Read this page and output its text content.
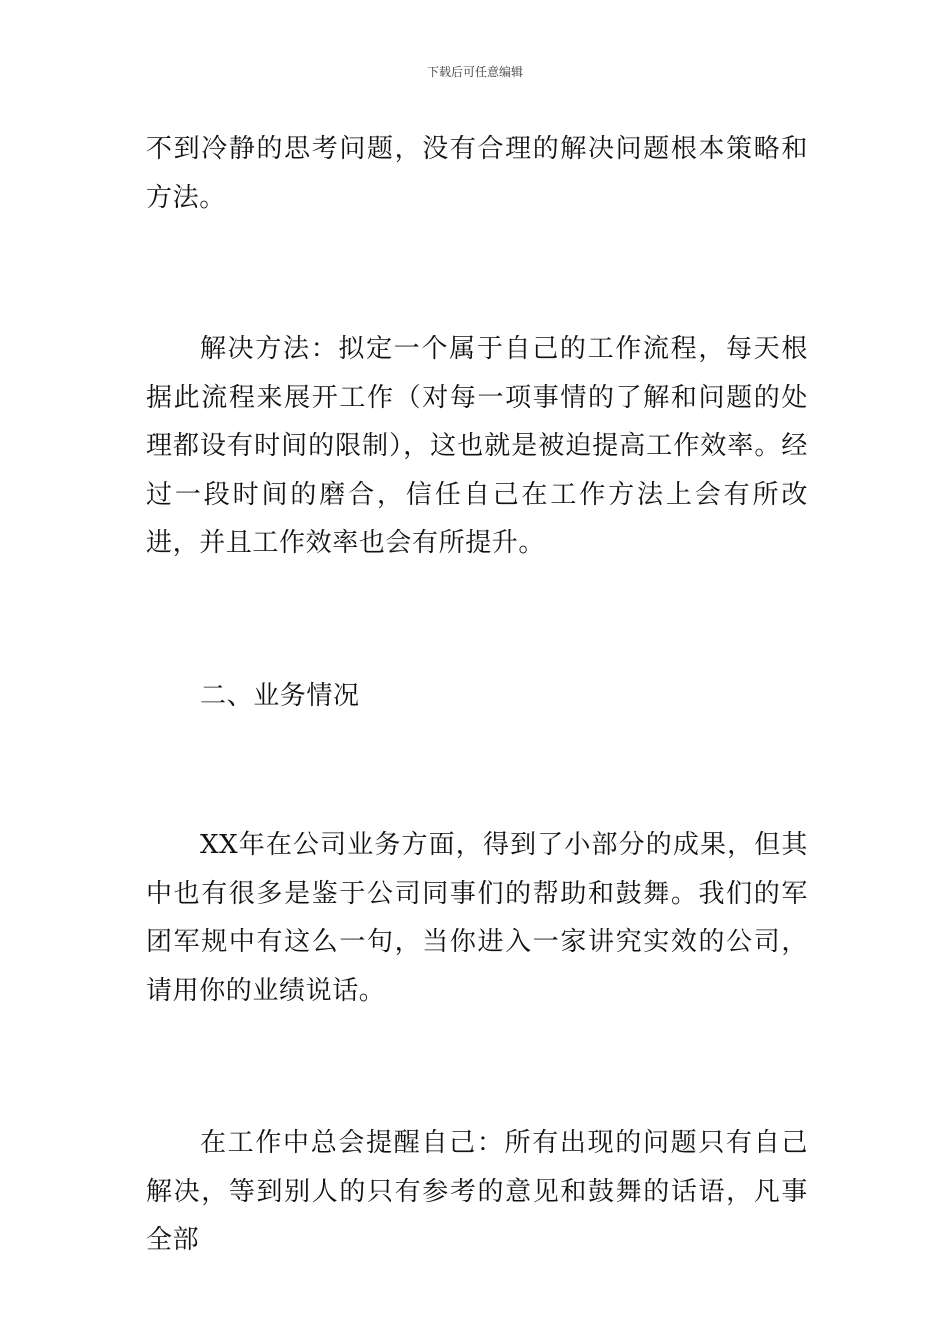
下载后可任意编辑

不到冷静的思考问题，没有合理的解决问题根本策略和方法。

解决方法：拟定一个属于自己的工作流程，每天根据此流程来展开工作（对每一项事情的了解和问题的处理都设有时间的限制），这也就是被迫提高工作效率。经过一段时间的磨合，信任自己在工作方法上会有所改进，并且工作效率也会有所提升。

二、业务情况

XX年在公司业务方面，得到了小部分的成果，但其中也有很多是鉴于公司同事们的帮助和鼓舞。我们的军团军规中有这么一句，当你进入一家讲究实效的公司，请用你的业绩说话。

在工作中总会提醒自己：所有出现的问题只有自己解决，等到别人的只有参考的意见和鼓舞的话语，凡事全部
